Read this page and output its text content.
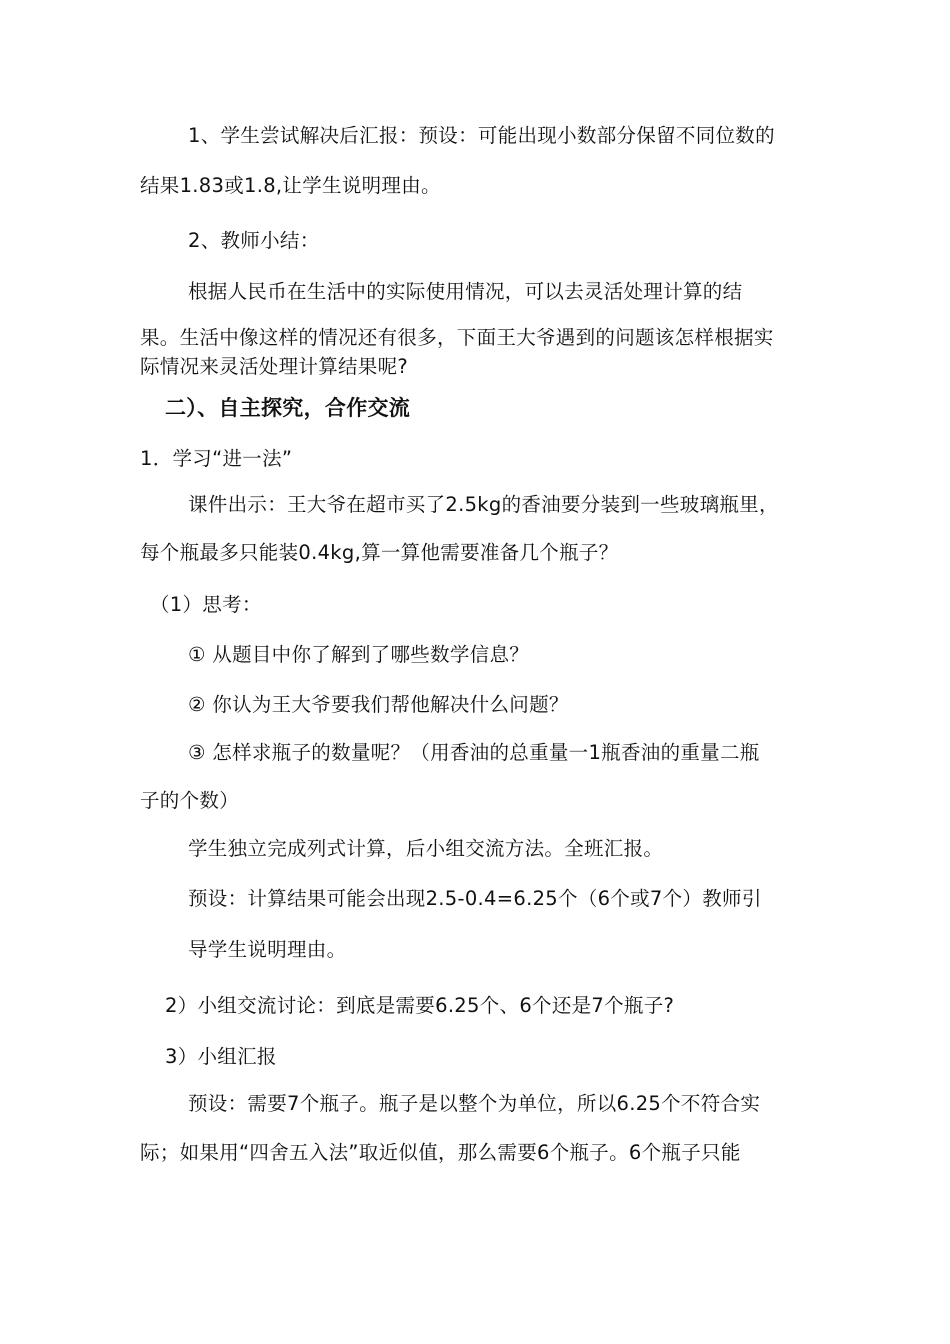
1、学生尝试解决后汇报：预设：可能出现小数部分保留不同位数的
结果1.83或1.8,让学生说明理由。
2、教师小结：
根据人民币在生活中的实际使用情况，可以去灵活处理计算的结
果。生活中像这样的情况还有很多，下面王大爷遇到的问题该怎样根据实
际情况来灵活处理计算结果呢?
二）、自主探究，合作交流
1．学习“进一法”
课件出示：王大爷在超市买了2.5kg的香油要分装到一些玻璃瓶里，
每个瓶最多只能装0.4kg,算一算他需要准备几个瓶子？
（1）思考：
① 从题目中你了解到了哪些数学信息？
② 你认为王大爷要我们帮他解决什么问题？
③ 怎样求瓶子的数量呢？（用香油的总重量一1瓶香油的重量二瓶
子的个数）
学生独立完成列式计算，后小组交流方法。全班汇报。
预设：计算结果可能会出现2.5-0.4=6.25个（6个或7个）教师引
导学生说明理由。
2）小组交流讨论：到底是需要6.25个、6个还是7个瓶子?
3）小组汇报
预设：需要7个瓶子。瓶子是以整个为单位，所以6.25个不符合实
际；如果用“四舍五入法”取近似值，那么需要6个瓶子。6个瓶子只能
